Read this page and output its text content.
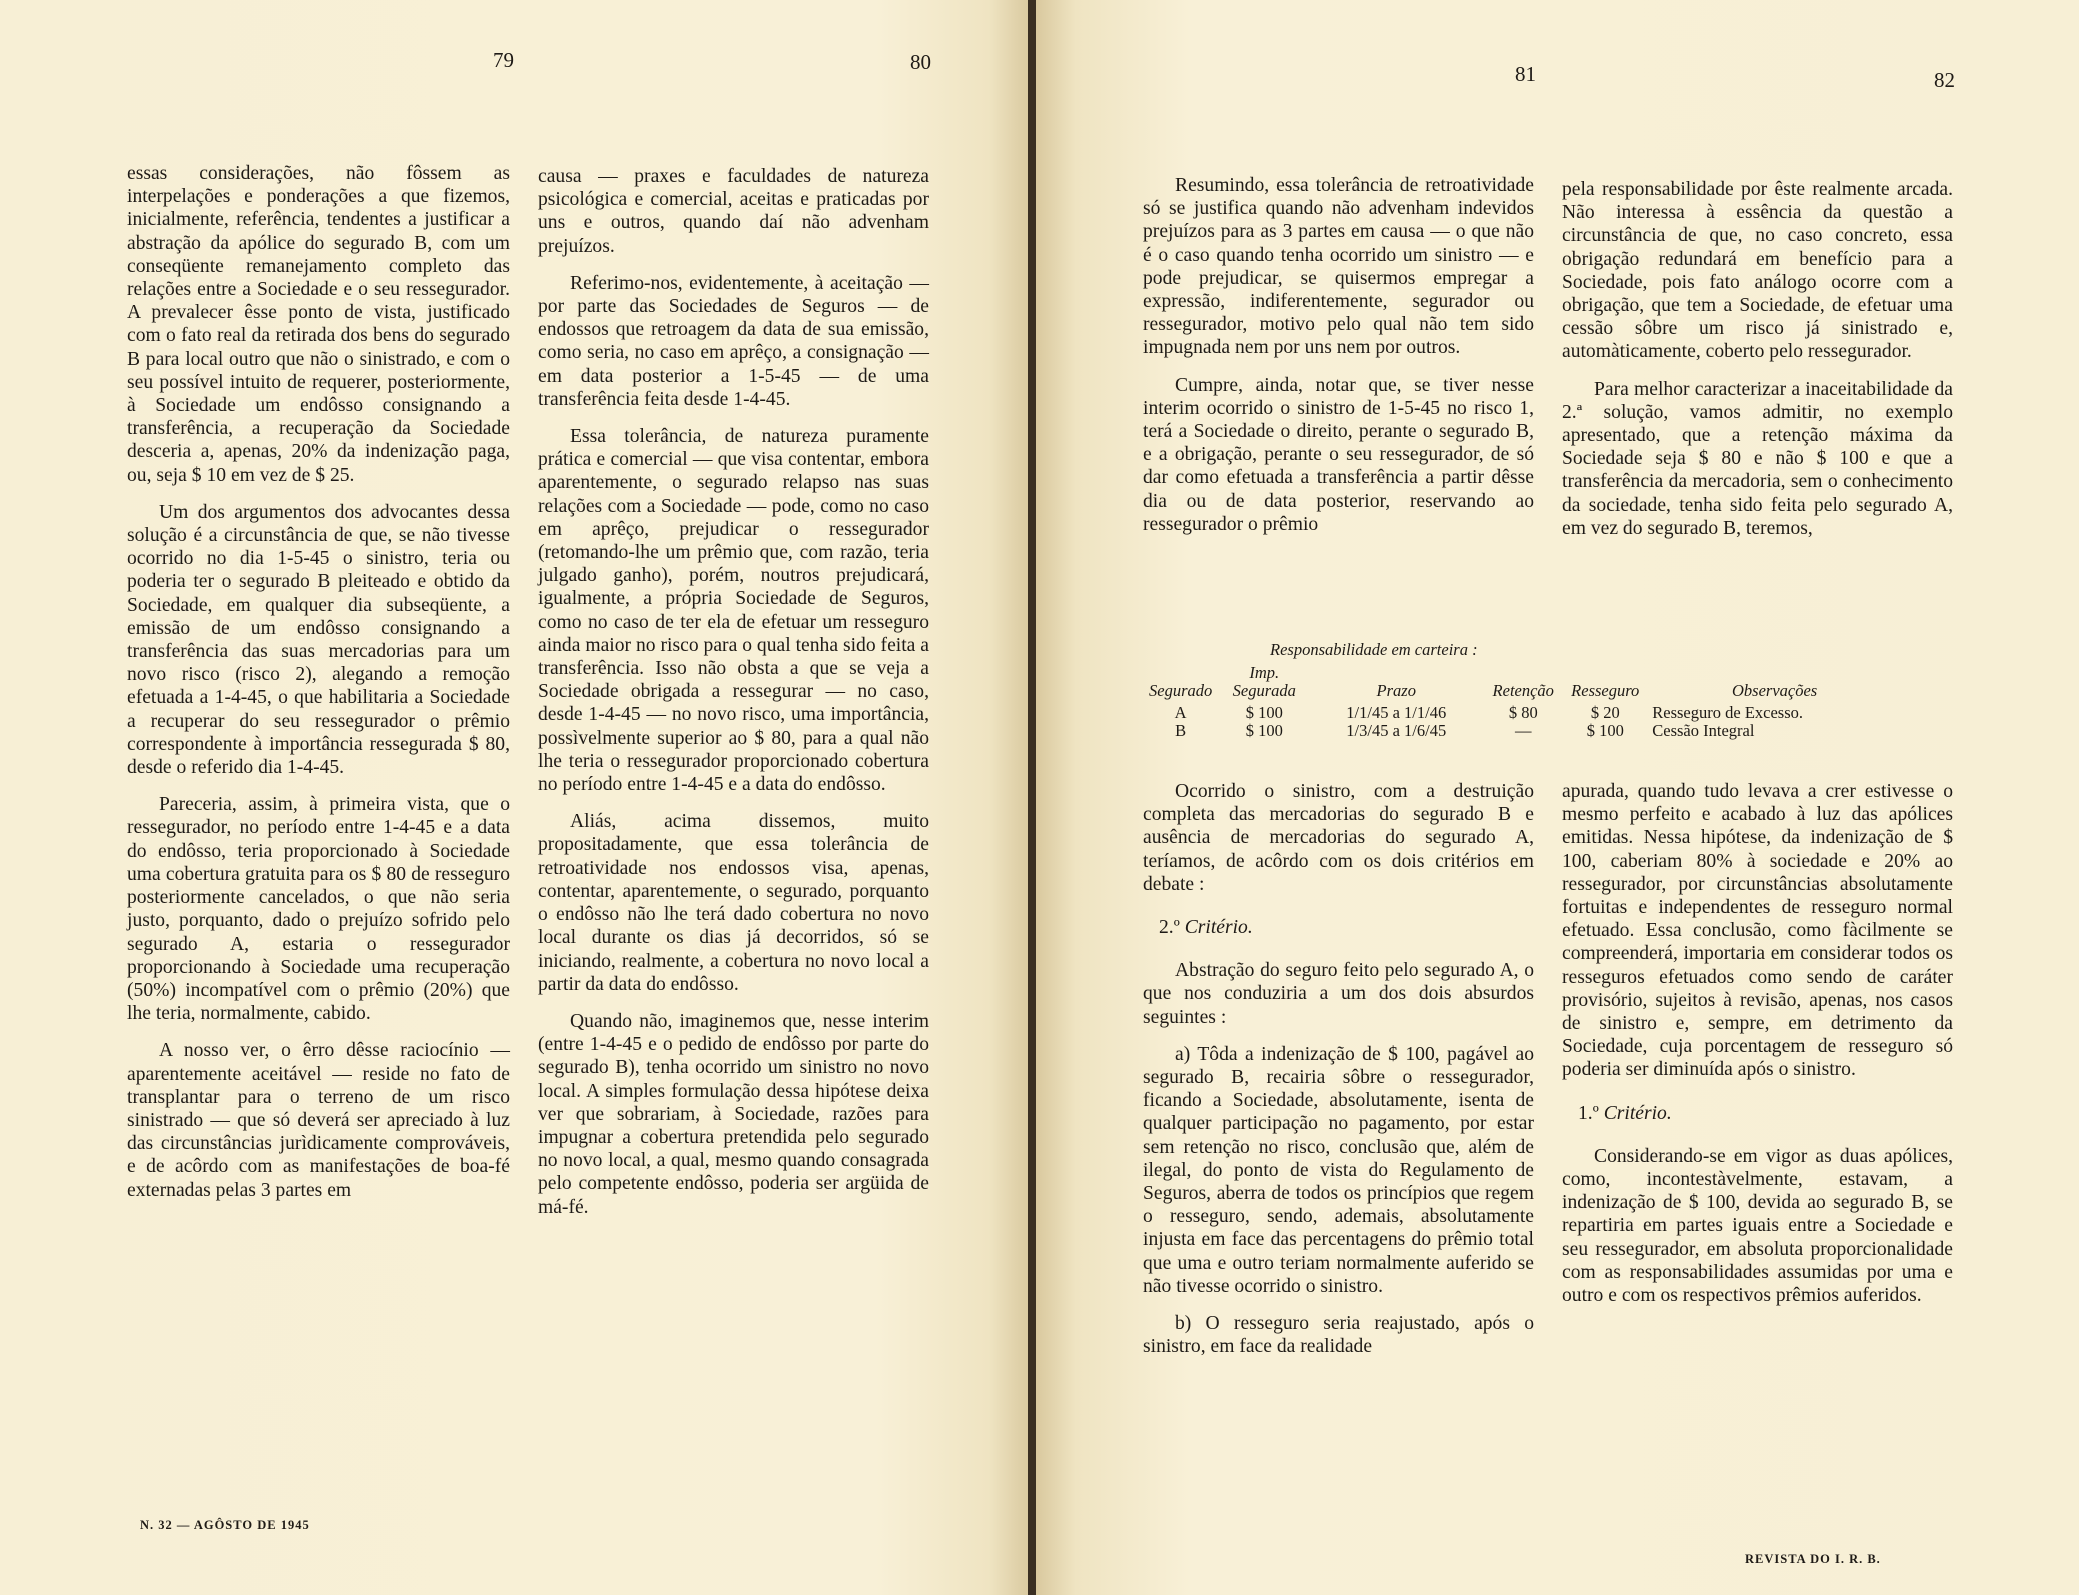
79	80	81	82

essas considerações, não fôssem as interpelações e ponderações a que fizemos, inicialmente, referência, tendentes a justificar a abstração da apólice do segurado B, com um conseqüente remanejamento completo das relações entre a Sociedade e o seu ressegurador. A prevalecer êsse ponto de vista, justificado com o fato real da retirada dos bens do segurado B para local outro que não o sinistrado, e com o seu possível intuito de requerer, posteriormente, à Sociedade um endôsso consignando a transferência, a recuperação da Sociedade desceria a, apenas, 20% da indenização paga, ou, seja $ 10 em vez de $ 25.

Um dos argumentos dos advocantes dessa solução é a circunstância de que, se não tivesse ocorrido no dia 1-5-45 o sinistro, teria ou poderia ter o segurado B pleiteado e obtido da Sociedade, em qualquer dia subseqüente, a emissão de um endôsso consignando a transferência das suas mercadorias para um novo risco (risco 2), alegando a remoção efetuada a 1-4-45, o que habilitaria a Sociedade a recuperar do seu ressegurador o prêmio correspondente à importância ressegurada $ 80, desde o referido dia 1-4-45.

Pareceria, assim, à primeira vista, que o ressegurador, no período entre 1-4-45 e a data do endôsso, teria proporcionado à Sociedade uma cobertura gratuita para os $ 80 de resseguro posteriormente cancelados, o que não seria justo, porquanto, dado o prejuízo sofrido pelo segurado A, estaria o ressegurador proporcionando à Sociedade uma recuperação (50%) incompatível com o prêmio (20%) que lhe teria, normalmente, cabido.

A nosso ver, o êrro dêsse raciocínio — aparentemente aceitável — reside no fato de transplantar para o terreno de um risco sinistrado — que só deverá ser apreciado à luz das circunstâncias jurìdicamente comprováveis, e de acôrdo com as manifestações de boa-fé externadas pelas 3 partes em

causa — praxes e faculdades de natureza psicológica e comercial, aceitas e praticadas por uns e outros, quando daí não advenham prejuízos.

Referimo-nos, evidentemente, à aceitação — por parte das Sociedades de Seguros — de endossos que retroagem da data de sua emissão, como seria, no caso em aprêço, a consignação — em data posterior a 1-5-45 — de uma transferência feita desde 1-4-45.

Essa tolerância, de natureza puramente prática e comercial — que visa contentar, embora aparentemente, o segurado relapso nas suas relações com a Sociedade — pode, como no caso em aprêço, prejudicar o ressegurador (retomando-lhe um prêmio que, com razão, teria julgado ganho), porém, noutros prejudicará, igualmente, a própria Sociedade de Seguros, como no caso de ter ela de efetuar um resseguro ainda maior no risco para o qual tenha sido feita a transferência. Isso não obsta a que se veja a Sociedade obrigada a ressegurar — no caso, desde 1-4-45 — no novo risco, uma importância, possìvelmente superior ao $ 80, para a qual não lhe teria o ressegurador proporcionado cobertura no período entre 1-4-45 e a data do endôsso.

Aliás, acima dissemos, muito propositadamente, que essa tolerância de retroatividade nos endossos visa, apenas, contentar, aparentemente, o segurado, porquanto o endôsso não lhe terá dado cobertura no novo local durante os dias já decorridos, só se iniciando, realmente, a cobertura no novo local a partir da data do endôsso.

Quando não, imaginemos que, nesse interim (entre 1-4-45 e o pedido de endôsso por parte do segurado B), tenha ocorrido um sinistro no novo local. A simples formulação dessa hipótese deixa ver que sobrariam, à Sociedade, razões para impugnar a cobertura pretendida pelo segurado no novo local, a qual, mesmo quando consagrada pelo competente endôsso, poderia ser argüida de má-fé.

Resumindo, essa tolerância de retroatividade só se justifica quando não advenham indevidos prejuízos para as 3 partes em causa — o que não é o caso quando tenha ocorrido um sinistro — e pode prejudicar, se quisermos empregar a expressão, indiferentemente, segurador ou ressegurador, motivo pelo qual não tem sido impugnada nem por uns nem por outros.

Cumpre, ainda, notar que, se tiver nesse interim ocorrido o sinistro de 1-5-45 no risco 1, terá a Sociedade o direito, perante o segurado B, e a obrigação, perante o seu ressegurador, de só dar como efetuada a transferência a partir dêsse dia ou de data posterior, reservando ao ressegurador o prêmio

pela responsabilidade por êste realmente arcada. Não interessa à essência da questão a circunstância de que, no caso concreto, essa obrigação redundará em benefício para a Sociedade, pois fato análogo ocorre com a obrigação, que tem a Sociedade, de efetuar uma cessão sôbre um risco já sinistrado e, automàticamente, coberto pelo ressegurador.

Para melhor caracterizar a inaceitabilidade da 2.ª solução, vamos admitir, no exemplo apresentado, que a retenção máxima da Sociedade seja $ 80 e não $ 100 e que a transferência da mercadoria, sem o conhecimento da sociedade, tenha sido feita pelo segurado A, em vez do segurado B, teremos,

Responsabilidade em carteira :
Segurado	Imp. Segurada	Prazo	Retenção	Resseguro	Observações
A	$ 100	1/1/45 a 1/1/46	$ 80	$ 20	Resseguro de Excesso.
B	$ 100	1/3/45 a 1/6/45	—	$ 100	Cessão Integral

Ocorrido o sinistro, com a destruição completa das mercadorias do segurado B e ausência de mercadorias do segurado A, teríamos, de acôrdo com os dois critérios em debate :

2.º Critério.

Abstração do seguro feito pelo segurado A, o que nos conduziria a um dos dois absurdos seguintes :

a) Tôda a indenização de $ 100, pagável ao segurado B, recairia sôbre o ressegurador, ficando a Sociedade, absolutamente, isenta de qualquer participação no pagamento, por estar sem retenção no risco, conclusão que, além de ilegal, do ponto de vista do Regulamento de Seguros, aberra de todos os princípios que regem o resseguro, sendo, ademais, absolutamente injusta em face das percentagens do prêmio total que uma e outro teriam normalmente auferido se não tivesse ocorrido o sinistro.

b) O resseguro seria reajustado, após o sinistro, em face da realidade

apurada, quando tudo levava a crer estivesse o mesmo perfeito e acabado à luz das apólices emitidas. Nessa hipótese, da indenização de $ 100, caberiam 80% à sociedade e 20% ao ressegurador, por circunstâncias absolutamente fortuitas e independentes de resseguro normal efetuado. Essa conclusão, como fàcilmente se compreenderá, importaria em considerar todos os resseguros efetuados como sendo de caráter provisório, sujeitos à revisão, apenas, nos casos de sinistro e, sempre, em detrimento da Sociedade, cuja porcentagem de resseguro só poderia ser diminuída após o sinistro.

1.º Critério.

Considerando-se em vigor as duas apólices, como, incontestàvelmente, estavam, a indenização de $ 100, devida ao segurado B, se repartiria em partes iguais entre a Sociedade e seu ressegurador, em absoluta proporcionalidade com as responsabilidades assumidas por uma e outro e com os respectivos prêmios auferidos.

N. 32 — AGÔSTO DE 1945
REVISTA DO I. R. B.
